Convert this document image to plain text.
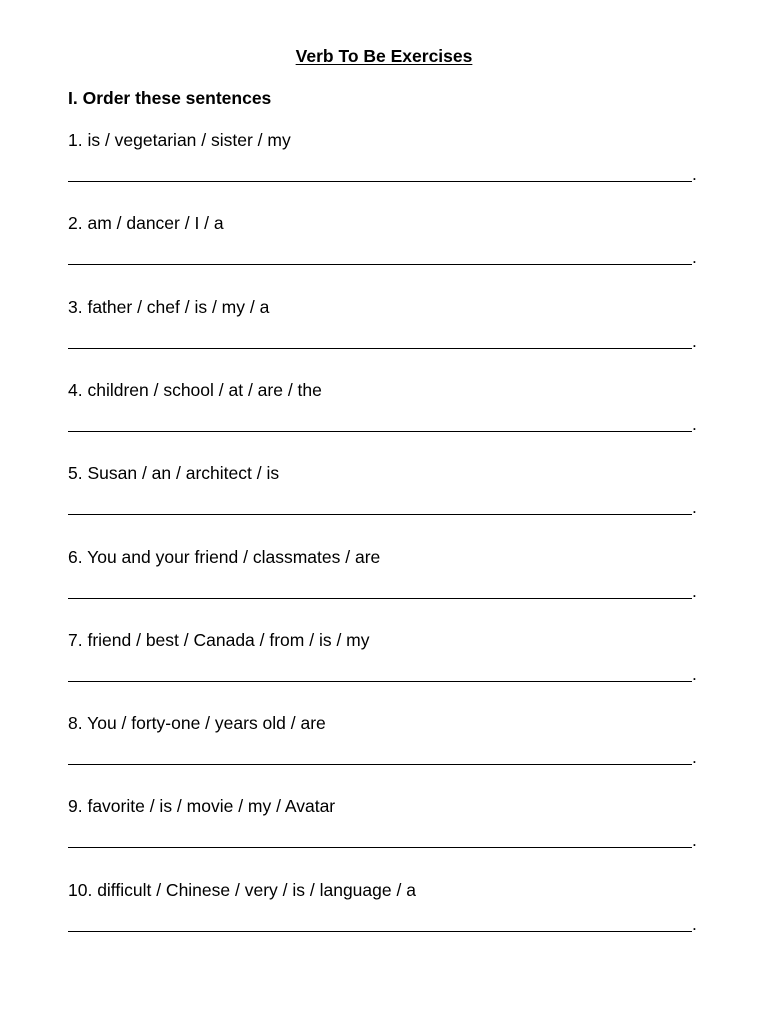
Verb To Be Exercises
I. Order these sentences
1. is / vegetarian / sister / my
.
2. am / dancer / I / a
.
3. father / chef / is / my / a
.
4. children / school / at / are / the
.
5. Susan / an / architect / is
.
6. You and your friend / classmates / are
.
7. friend / best / Canada / from / is / my
.
8. You / forty-one / years old / are
.
9. favorite / is / movie / my / Avatar
.
10. difficult / Chinese / very / is / language / a
.
